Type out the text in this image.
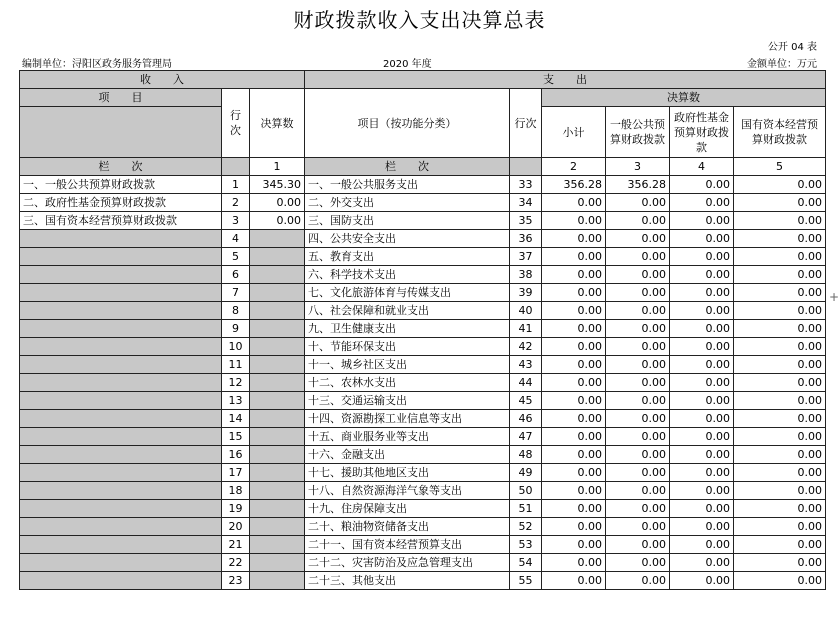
财政拨款收入支出决算总表
公开 04 表
编制单位：浔阳区政务服务管理局	2020 年度	金额单位：万元
收　　入			支　　出					
项　　目	行次	决算数	项目（按功能分类）	行次	决算数			
					小计	一般公共预算财政拨款	政府性基金预算财政拨款	国有资本经营预算财政拨款

栏　　次		1	栏　　次		2	3	4	5
一、一般公共预算财政拨款	1	345.30	一、一般公共服务支出	33	356.28	356.28	0.00	0.00
二、政府性基金预算财政拨款	2	0.00	二、外交支出	34	0.00	0.00	0.00	0.00
三、国有资本经营预算财政拨款	3	0.00	三、国防支出	35	0.00	0.00	0.00	0.00
	4		四、公共安全支出	36	0.00	0.00	0.00	0.00
	5		五、教育支出	37	0.00	0.00	0.00	0.00
	6		六、科学技术支出	38	0.00	0.00	0.00	0.00
	7		七、文化旅游体育与传媒支出	39	0.00	0.00	0.00	0.00
	8		八、社会保障和就业支出	40	0.00	0.00	0.00	0.00
	9		九、卫生健康支出	41	0.00	0.00	0.00	0.00
	10		十、节能环保支出	42	0.00	0.00	0.00	0.00
	11		十一、城乡社区支出	43	0.00	0.00	0.00	0.00
	12		十二、农林水支出	44	0.00	0.00	0.00	0.00
	13		十三、交通运输支出	45	0.00	0.00	0.00	0.00
	14		十四、资源勘探工业信息等支出	46	0.00	0.00	0.00	0.00
	15		十五、商业服务业等支出	47	0.00	0.00	0.00	0.00
	16		十六、金融支出	48	0.00	0.00	0.00	0.00
	17		十七、援助其他地区支出	49	0.00	0.00	0.00	0.00
	18		十八、自然资源海洋气象等支出	50	0.00	0.00	0.00	0.00
	19		十九、住房保障支出	51	0.00	0.00	0.00	0.00
	20		二十、粮油物资储备支出	52	0.00	0.00	0.00	0.00
	21		二十一、国有资本经营预算支出	53	0.00	0.00	0.00	0.00
	22		二十二、灾害防治及应急管理支出	54	0.00	0.00	0.00	0.00
	23		二十三、其他支出	55	0.00	0.00	0.00	0.00
+
